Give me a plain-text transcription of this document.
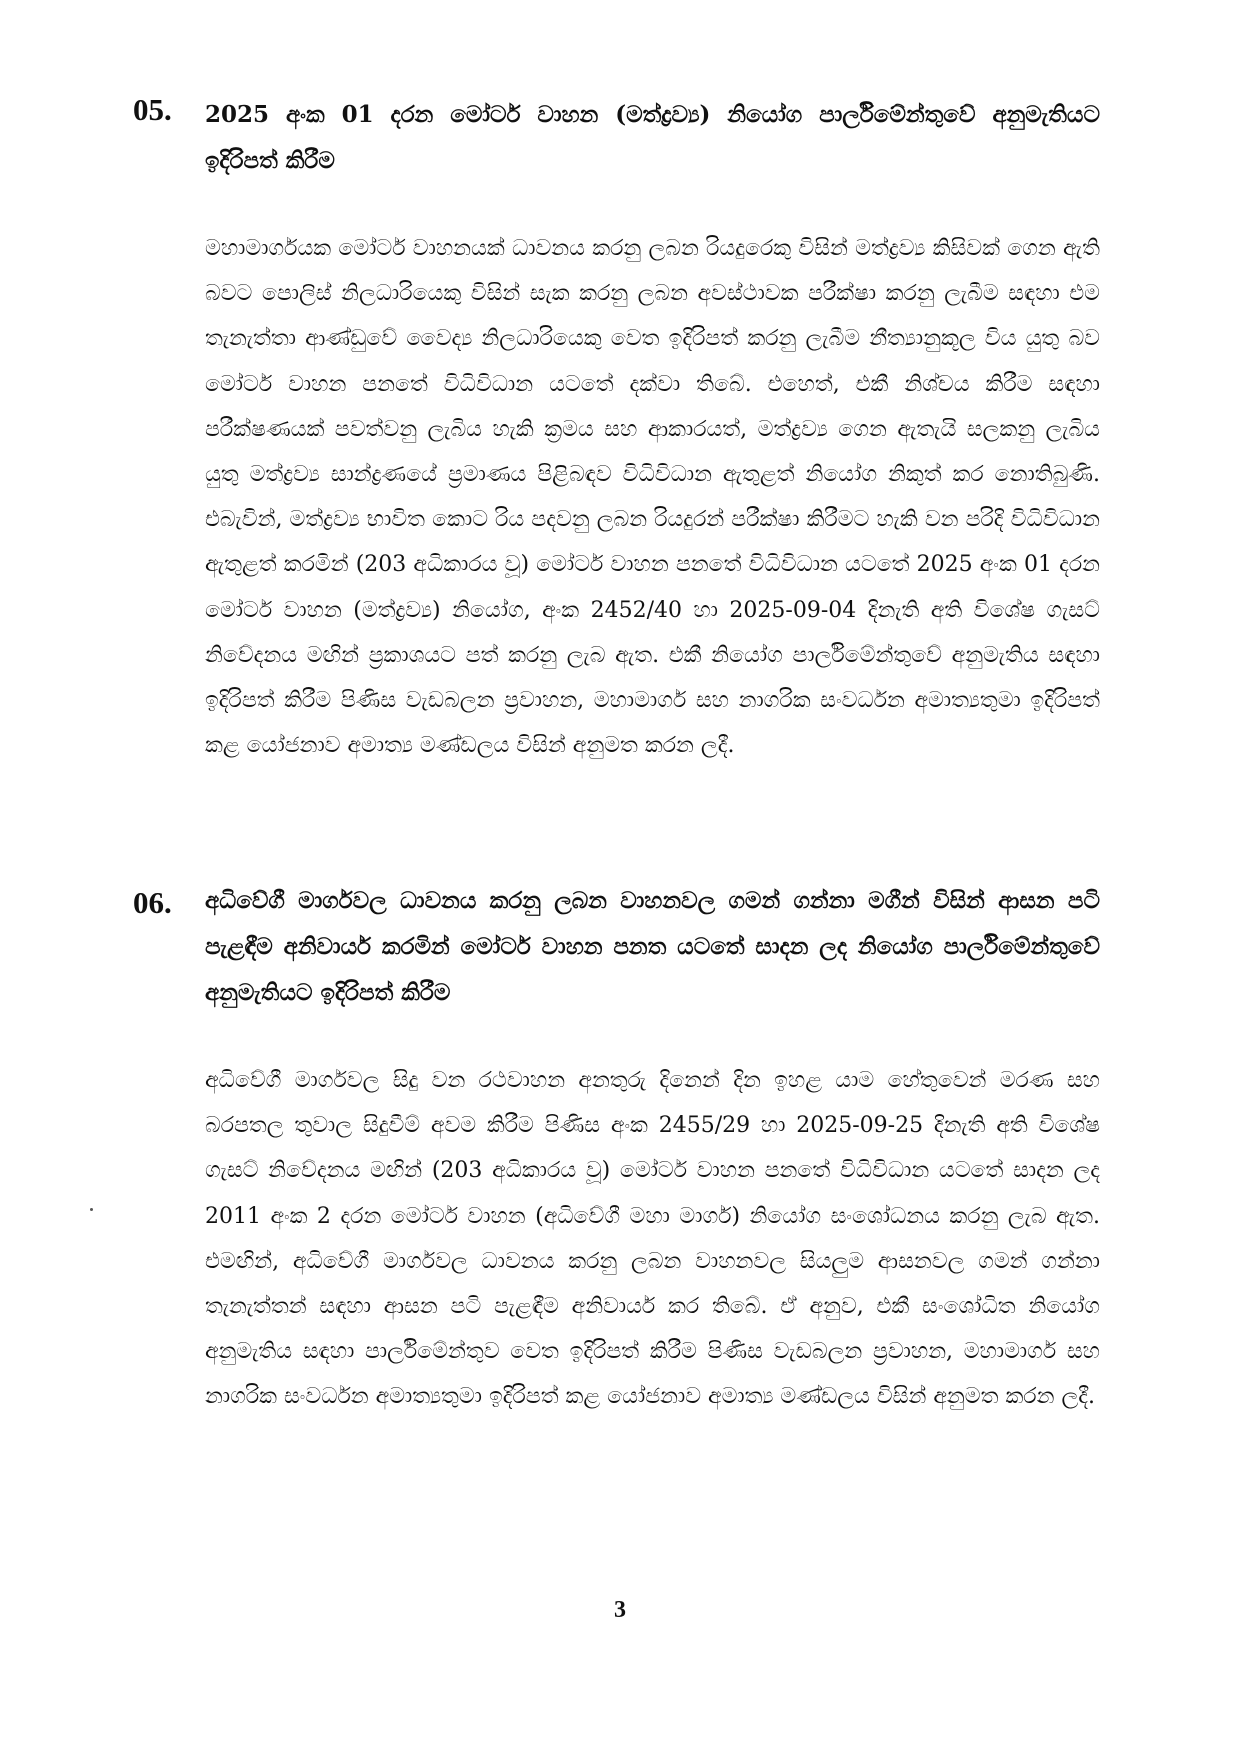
05. 2025 අංක 01 දරන මෝටර් වාහන (මත්ද්‍රව්‍ය) නියෝග පාර්ලිමේන්තුවේ අනුමැතියට ඉදිරිපත් කිරීම
මහාමාර්ගයක මෝටර් වාහනයක් ධාවනය කරනු ලබන රියදුරෙකු විසින් මත්ද්‍රව්‍ය කිසිවක් ගෙන ඇති බවට පොලිස් නිලධාරියෙකු විසින් සැක කරනු ලබන අවස්ථාවක පරීක්ෂා කරනු ලැබීම සඳහා එම තැනැත්තා ආණ්ඩුවේ වෛද්‍ය නිලධාරියෙකු වෙත ඉදිරිපත් කරනු ලැබීම නීත්‍යානුකූල විය යුතු බව මෝටර් වාහන පනතේ විධිවිධාන යටතේ දක්වා තිබේ. එහෙත්, එකී නිශ්චය කිරීම සඳහා පරීක්ෂණයක් පවත්වනු ලැබිය හැකි ක්‍රමය සහ ආකාරයත්, මත්ද්‍රව්‍ය ගෙන ඇතැයි සලකනු ලැබිය යුතු මත්ද්‍රව්‍ය සාන්ද්‍රණයේ ප්‍රමාණය පිළිබඳව විධිවිධාන ඇතුළත් නියෝග නිකුත් කර නොතිබුණි. එබැවින්, මත්ද්‍රව්‍ය භාවිත කොට රිය පදවනු ලබන රියදුරන් පරීක්ෂා කිරීමට හැකි වන පරිදි විධිවිධාන ඇතුළත් කරමින් (203 අධිකාරය වූ) මෝටර් වාහන පනතේ විධිවිධාන යටතේ 2025 අංක 01 දරන මෝටර් වාහන (මත්ද්‍රව්‍ය) නියෝග, අංක 2452/40 හා 2025-09-04 දිනැති අති විශේෂ ගැසට් නිවේදනය මඟින් ප්‍රකාශයට පත් කරනු ලැබ ඇත. එකී නියෝග පාර්ලිමේන්තුවේ අනුමැතිය සඳහා ඉදිරිපත් කිරීම පිණිස වැඩබලන ප්‍රවාහන, මහාමාර්ග සහ නාගරික සංවර්ධන අමාත්‍යතුමා ඉදිරිපත් කළ යෝජනාව අමාත්‍ය මණ්ඩලය විසින් අනුමත කරන ලදී.
06. අධිවේගී මාර්ගවල ධාවනය කරනු ලබන වාහනවල ගමන් ගන්නා මගීන් විසින් ආසන පටි පැළඳීම අනිවාර්ය කරමින් මෝටර් වාහන පනත යටතේ සාදන ලද නියෝග පාර්ලිමේන්තුවේ අනුමැතියට ඉදිරිපත් කිරීම
අධිවේගී මාර්ගවල සිදු වන රථවාහන අනතුරු දිනෙන් දින ඉහළ යාම හේතුවෙන් මරණ සහ බරපතල තුවාල සිදුවීම් අවම කිරීම පිණිස අංක 2455/29 හා 2025-09-25 දිනැති අති විශේෂ ගැසට් නිවේදනය මඟින් (203 අධිකාරය වූ) මෝටර් වාහන පනතේ විධිවිධාන යටතේ සාදන ලද 2011 අංක 2 දරන මෝටර් වාහන (අධිවේගී මහා මාර්ග) නියෝග සංශෝධනය කරනු ලැබ ඇත. එමඟින්, අධිවේගී මාර්ගවල ධාවනය කරනු ලබන වාහනවල සියලුම ආසනවල ගමන් ගන්නා තැනැත්තන් සඳහා ආසන පටි පැළඳීම අනිවාර්ය කර තිබේ. ඒ අනුව, එකී සංශෝධිත නියෝග අනුමැතිය සඳහා පාර්ලිමේන්තුව වෙත ඉදිරිපත් කිරීම පිණිස වැඩබලන ප්‍රවාහන, මහාමාර්ග සහ නාගරික සංවර්ධන අමාත්‍යතුමා ඉදිරිපත් කළ යෝජනාව අමාත්‍ය මණ්ඩලය විසින් අනුමත කරන ලදී.
3
